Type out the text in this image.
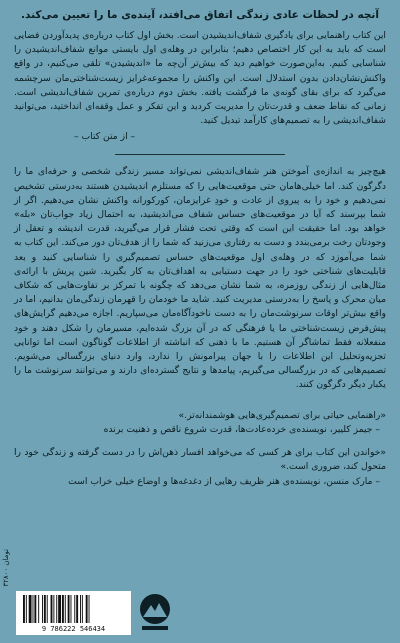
آنچه در لحظات عادی زندگی اتفاق می‌افتد، آینده‌ی ما را تعیین می‌کند.

این کتاب راهنمایی برای یادگیری شفاف‌اندیشیدن است. بخش اول کتاب درباره‌ی پدیدآوردن فضایی است که باید به این کار اختصاص دهیم؛ بنابراین در وهله‌ی اول بایستی موانع شفاف‌اندیشیدن را شناسایی کنیم. به‌این‌صورت خواهیم دید که بیش‌تر آن‌چه ما «اندیشیدن» تلقی می‌کنیم، در واقع واکنش‌نشان‌دادن بدون استدلال است. این واکنش را مجموعه‌غرایز زیست‌شناختی‌مان سرچشمه می‌گیرد که برای بقای گونه‌ی ما فرگشت یافته. بخش دوم درباره‌ی تمرین شفاف‌اندیشی است. زمانی که نقاط ضعف و قدرت‌تان را مدیریت کردید و این تفکر و عمل وقفه‌ای انداختید، می‌توانید شفاف‌اندیشی را به تصمیم‌های کارآمد تبدیل کنید.

– از متن کتاب –

هیچ‌چیز به اندازه‌ی آموختن هنر شفاف‌اندیشی نمی‌تواند مسیر زندگی شخصی و حرفه‌ای ما را دگرگون کند. اما خیلی‌هامان حتی موقعیت‌هایی را که مستلزم اندیشیدن هستند به‌درستی تشخیص نمی‌دهیم و خود را به پیروی از عادت و خودِ غرایزمان، کورکورانه واکنش نشان می‌دهیم. اگر از شما بپرسند که آیا در موقعیت‌های حساس شفاف می‌اندیشید، به احتمال زیاد جواب‌تان «بله» خواهد بود. اما حقیقت این است که وقتی تحت فشار قرار می‌گیرید، قدرت اندیشه و تعقل از وجودتان رخت برمی‌بندد و دست به رفتاری می‌زنید که شما را از هدف‌تان دور می‌کند. این کتاب به شما می‌آموزد که در وهله‌ی اول موقعیت‌های حساس تصمیم‌گیری را شناسایی کنید و بعد قابلیت‌های شناختی خود را در جهت دستیابی به اهداف‌تان به کار بگیرید. شین پریش با ارائه‌ی مثال‌هایی از زندگی روزمره، به شما نشان می‌دهد که چگونه با تمرکز بر تفاوت‌هایی که شکاف میان محرک و پاسخ را به‌درستی مدیریت کنید. شاید ما خودمان را قهرمان زندگی‌مان بدانیم، اما در واقع بیش‌تر اوقات سرنوشت‌مان را به دست ناخودآگاه‌مان می‌سپاریم. اجازه می‌دهیم گرایش‌های پیش‌فرض زیست‌شناختی ما یا فرهنگی که در آن بزرگ شده‌ایم، مسیرمان را شکل دهند و خود منفعلانه فقط تماشاگر آن هستیم. ما با ذهنی که انباشته از اطلاعات گوناگون است اما توانایی تجزیه‌وتحلیل این اطلاعات را با جهان پیرامونش را ندارد، وارد دنیای بزرگسالی می‌شویم. تصمیم‌هایی که در بزرگسالی می‌گیریم، پیامدها و نتایج گسترده‌ای دارند و می‌توانند سرنوشت ما را یکبار دیگر دگرگون کنند.

«راهنمایی حیاتی برای تصمیم‌گیری‌هایی هوشمندانه‌تر.»
– جیمز کلییر، نویسنده‌ی خرده‌عادت‌ها، قدرت شروع ناقص و ذهنیت برنده
«خواندن این کتاب برای هر کسی که می‌خواهد افسار ذهن‌اش را در دست گرفته و زندگی خود را متحول کند، ضروری است.»
– مارک منسن، نویسنده‌ی هنر ظریف رهایی از دغدغه‌ها و اوضاع خیلی خراب است
۳۲۸۰۰ تومان
9 786222 546434
